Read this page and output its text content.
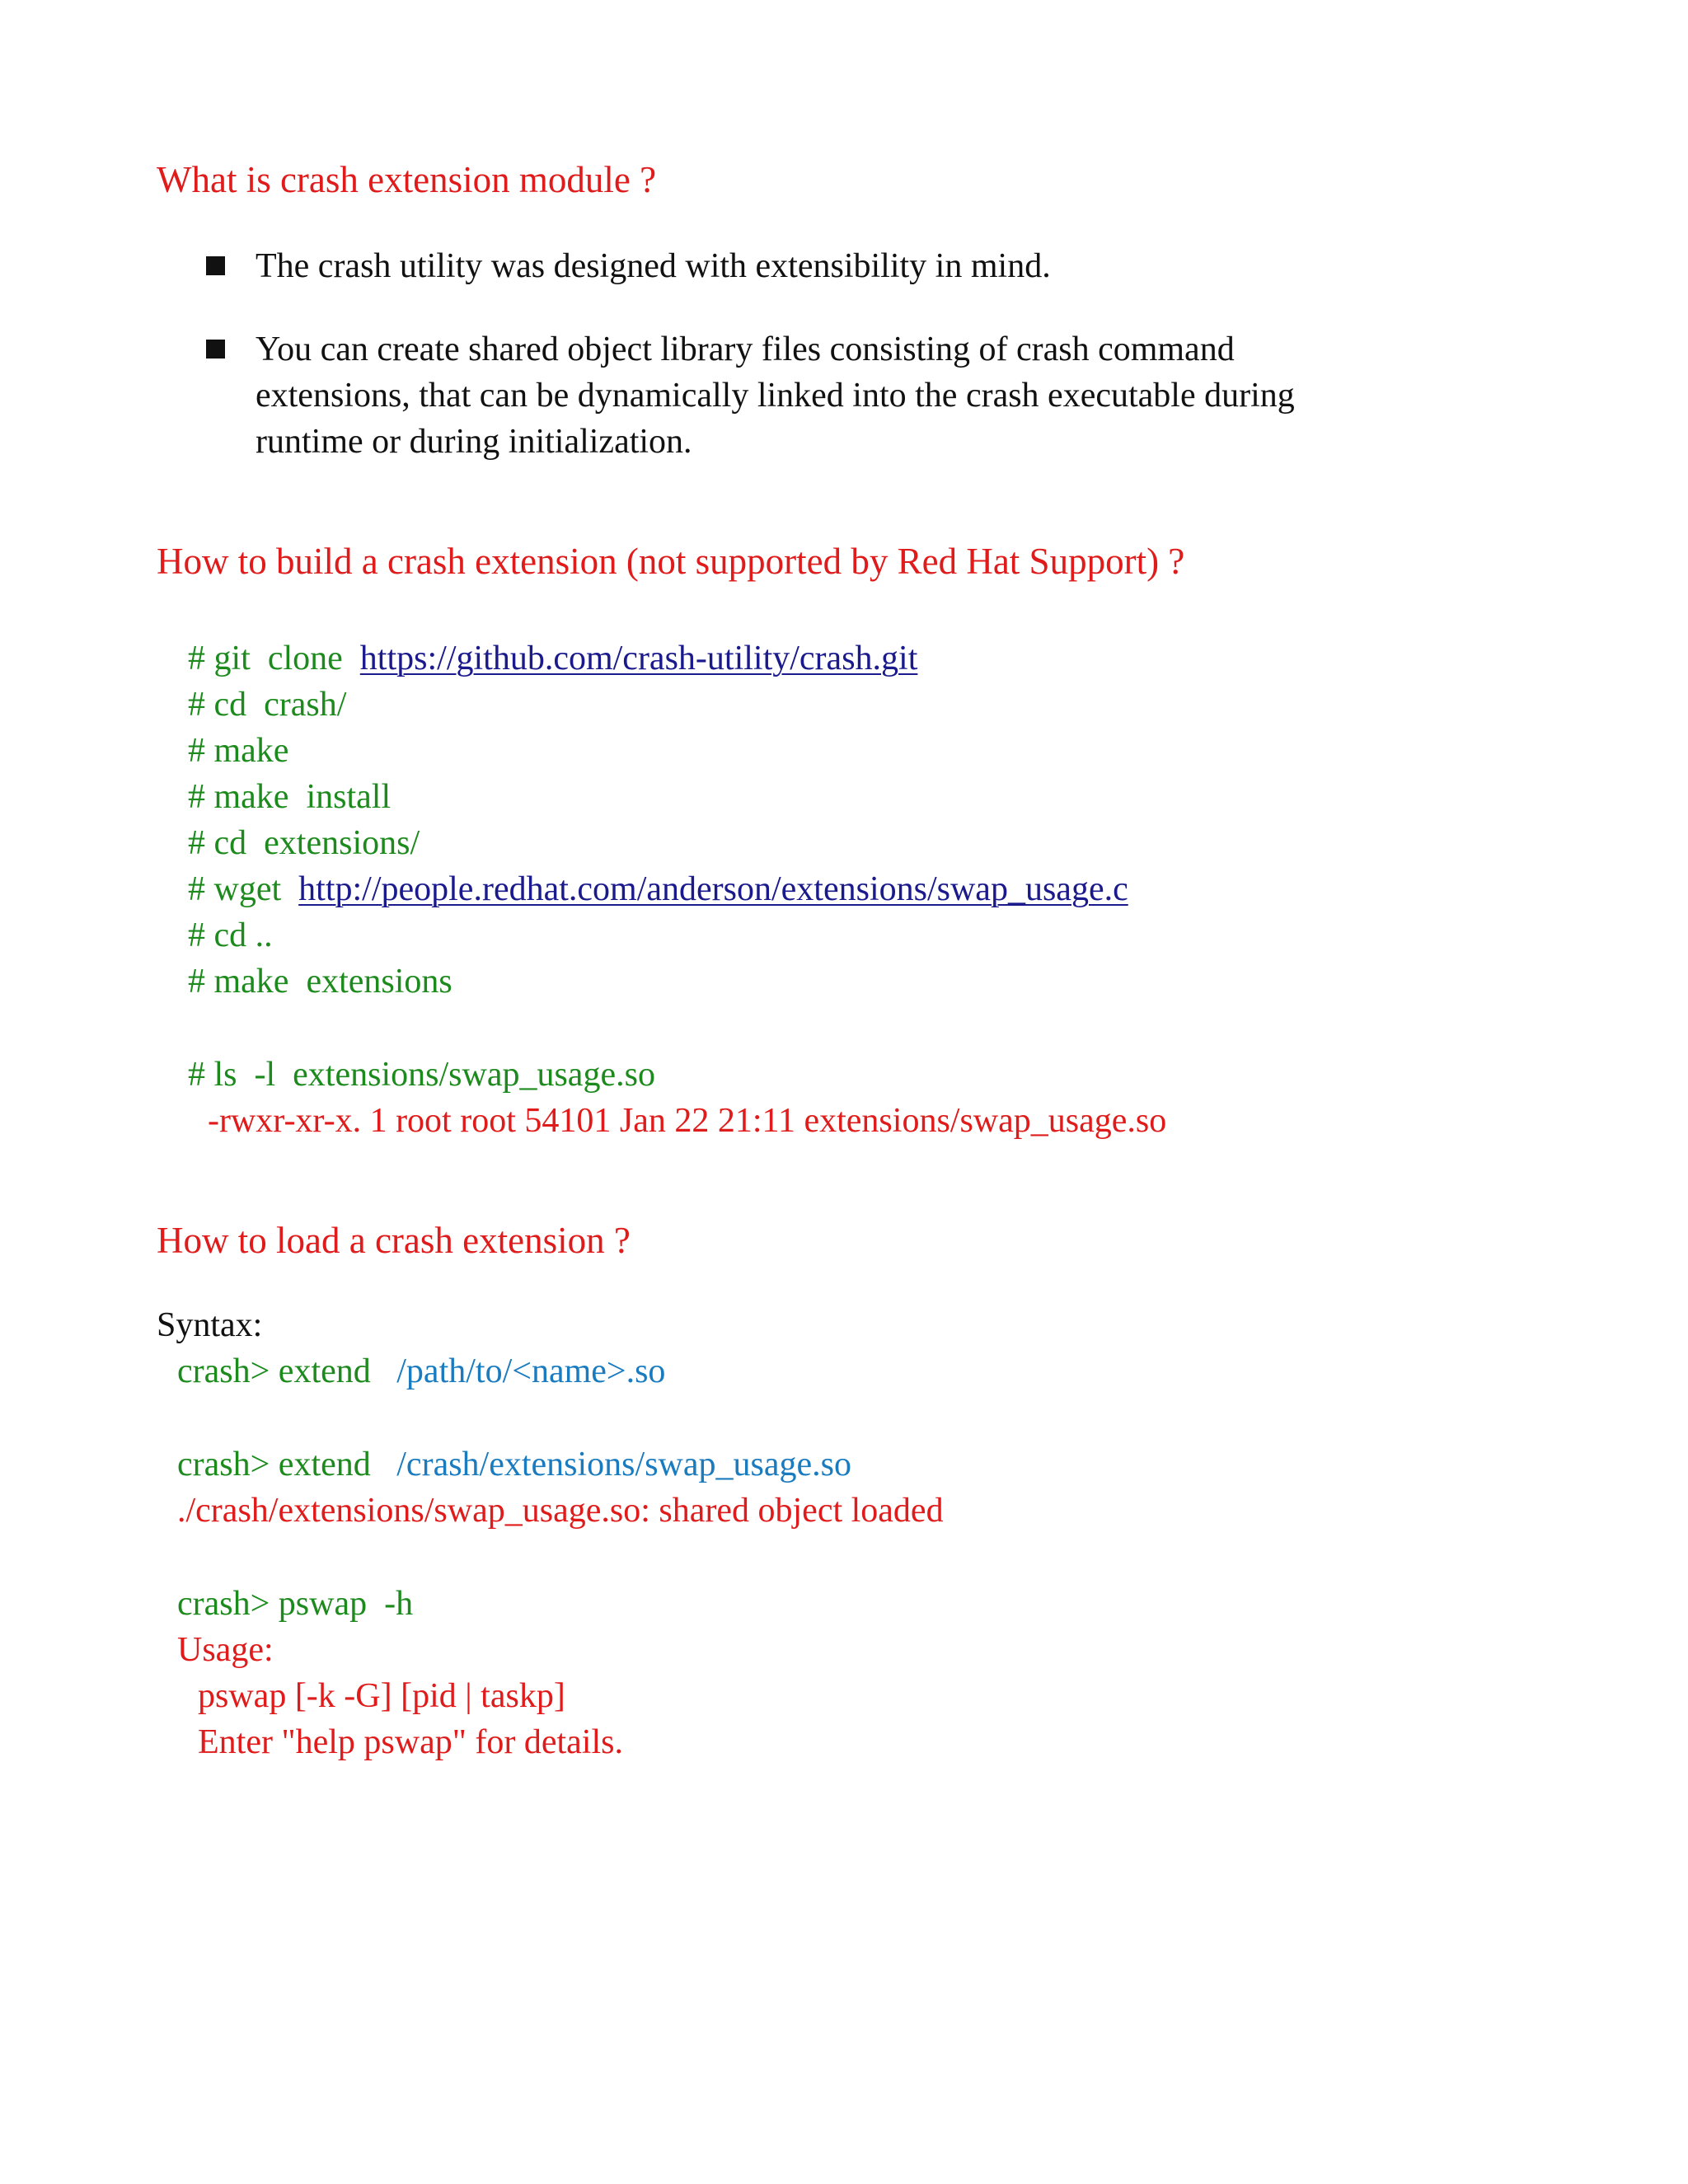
What is crash extension module ?
The crash utility was designed with extensibility in mind.
You can create shared object library files consisting of crash command
extensions, that can be dynamically linked into the crash executable during
runtime or during initialization.
How to build a crash extension (not supported by Red Hat Support) ?
# git  clone  https://github.com/crash-utility/crash.git
# cd  crash/
# make
# make  install
# cd  extensions/
# wget  http://people.redhat.com/anderson/extensions/swap_usage.c
# cd ..
# make  extensions
# ls  -l  extensions/swap_usage.so
-rwxr-xr-x. 1 root root 54101 Jan 22 21:11 extensions/swap_usage.so
How to load a crash extension ?
Syntax:
crash> extend   /path/to/<name>.so
crash> extend   /crash/extensions/swap_usage.so
./crash/extensions/swap_usage.so: shared object loaded
crash> pswap  -h
Usage:
pswap [-k -G] [pid | taskp]
Enter "help pswap" for details.
